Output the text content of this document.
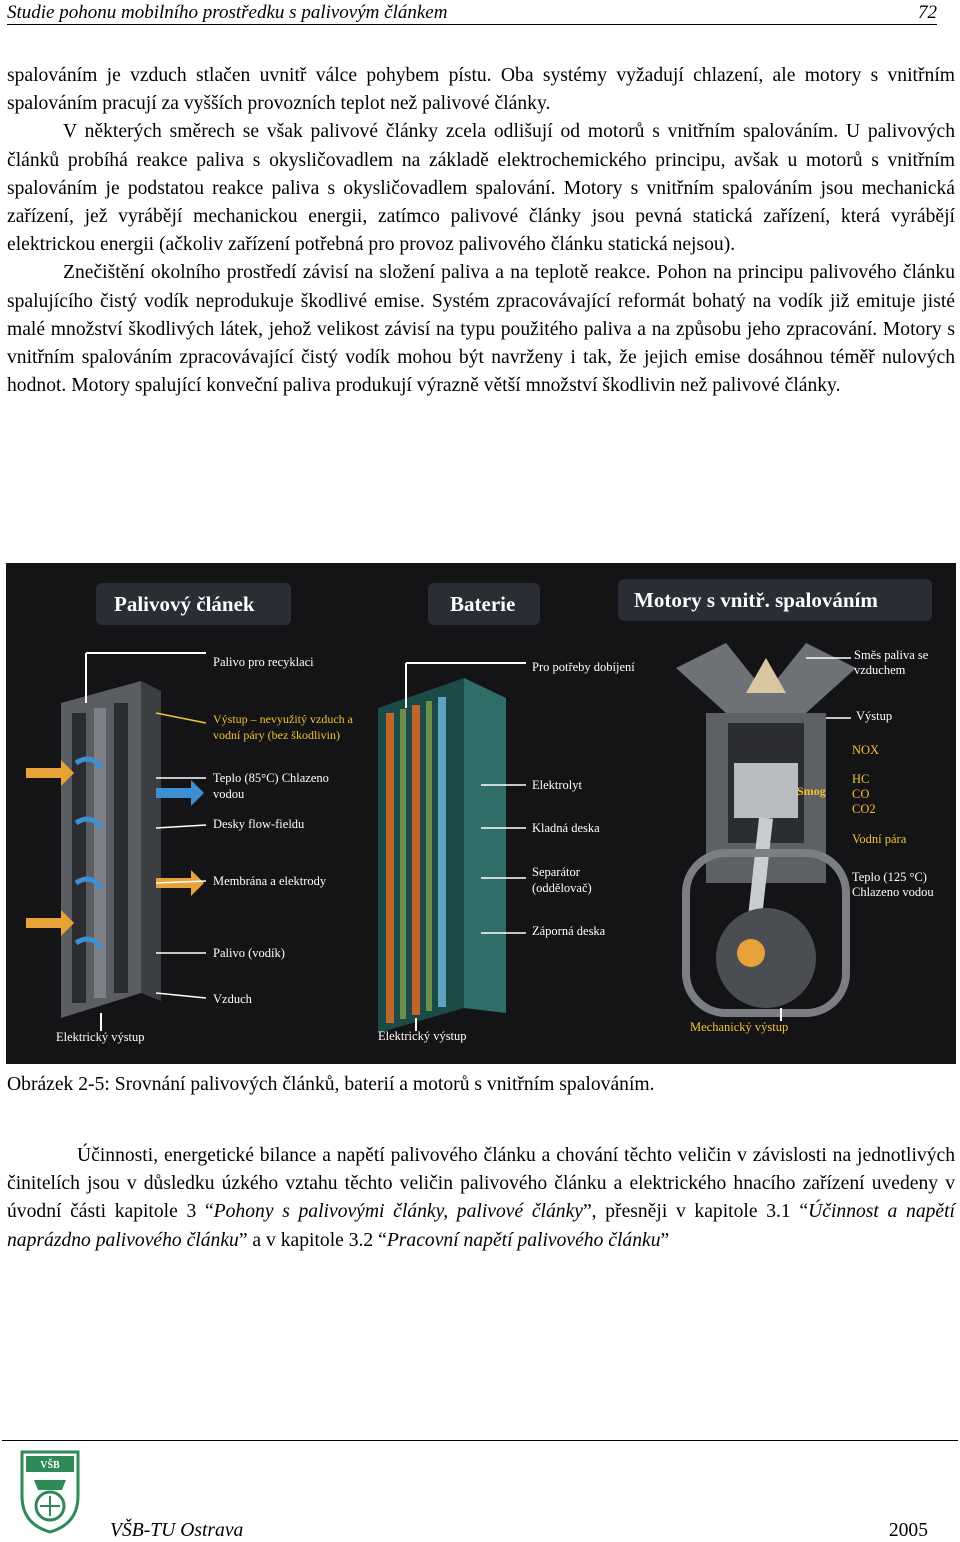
Studie pohonu mobilního prostředku s palivovým článkem	72

spalováním je vzduch stlačen uvnitř válce pohybem pístu. Oba systémy vyžadují chlazení, ale motory s vnitřním spalováním pracují za vyšších provozních teplot než palivové články.

V některých směrech se však palivové články zcela odlišují od motorů s vnitřním spalováním. U palivových článků probíhá reakce paliva s okysličovadlem na základě elektrochemického principu, avšak u motorů s vnitřním spalováním je podstatou reakce paliva s okysličovadlem spalování. Motory s vnitřním spalováním jsou mechanická zařízení, jež vyrábějí mechanickou energii, zatímco palivové články jsou pevná statická zařízení, která vyrábějí elektrickou energii (ačkoliv zařízení potřebná pro provoz palivového článku statická nejsou).

Znečištění okolního prostředí závisí na složení paliva a na teplotě reakce. Pohon na principu palivového článku spalujícího čistý vodík neprodukuje škodlivé emise. Systém zpracovávající reformát bohatý na vodík již emituje jisté malé množství škodlivých látek, jehož velikost závisí na typu použitého paliva a na způsobu jeho zpracování. Motory s vnitřním spalováním zpracovávající čistý vodík mohou být navrženy i tak, že jejich emise dosáhnou téměř nulových hodnot. Motory spalující konveční paliva produkují výrazně větší množství škodlivin než palivové články.

Palivový článek
Palivo pro recyklaci
Výstup – nevyužitý vzduch a
vodní páry (bez škodlivin)
Teplo (85°C) Chlazeno
vodou
Desky flow-fieldu
Membrána a elektrody
Palivo (vodík)
Vzduch
Elektrický výstup
Baterie
Pro potřeby dobíjení
Elektrolyt
Kladná deska
Separátor
(oddělovač)
Záporná deska
Elektrický výstup
Motory s vnitř. spalováním
Smog
Směs paliva se
vzduchem
Výstup
NOX
HC
CO
CO2
Vodní pára
Teplo (125 °C)
Chlazeno vodou
Mechanický výstup
Obrázek 2-5: Srovnání palivových článků, baterií a motorů s vnitřním spalováním.

Účinnosti, energetické bilance a napětí palivového článku a chování těchto veličin v závislosti na jednotlivých činitelích jsou v důsledku úzkého vztahu těchto veličin palivového článku a elektrického hnacího zařízení uvedeny v úvodní části kapitole 3 “Pohony s palivovými články, palivové články”, přesněji v kapitole 3.1 “Účinnost a napětí naprázdno palivového článku” a v kapitole 3.2 “Pracovní napětí palivového článku”

VŠB
VŠB-TU Ostrava	2005
